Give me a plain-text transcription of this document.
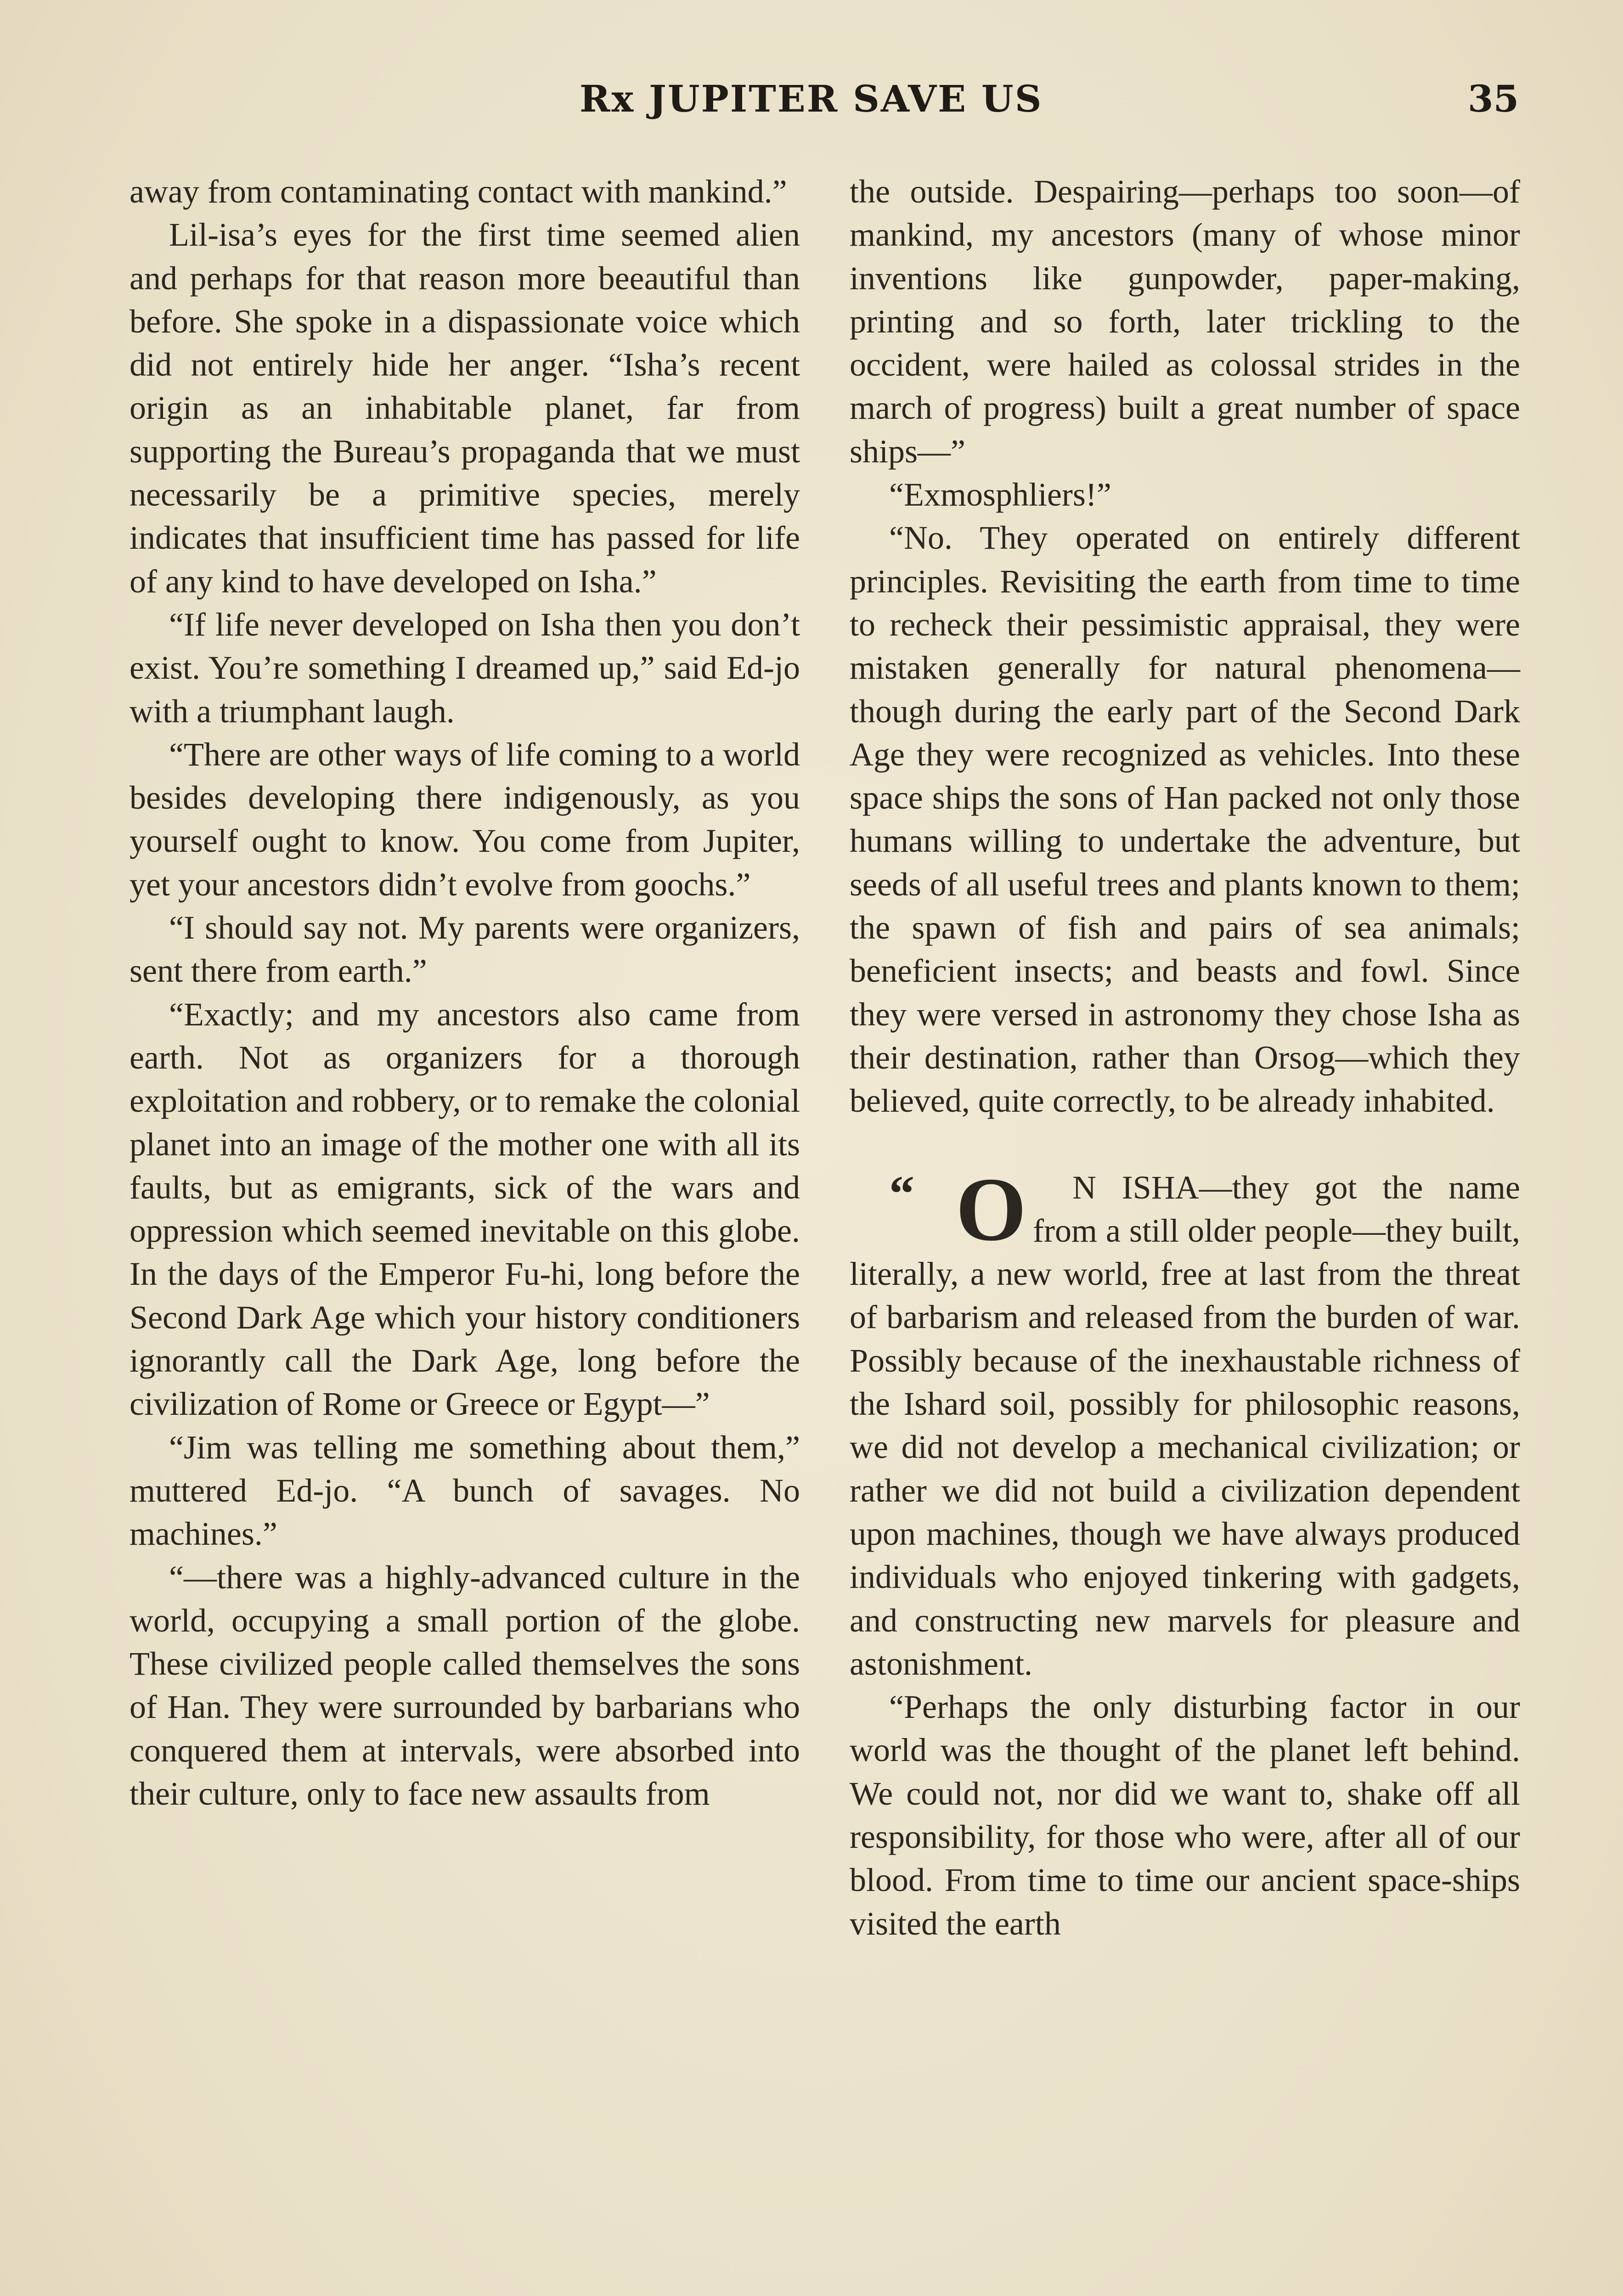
Rx JUPITER SAVE US	35

away from contaminating contact with mankind.”

Lil-isa’s eyes for the first time seemed alien and perhaps for that reason more beeautiful than before. She spoke in a dispassionate voice which did not entirely hide her anger. “Isha’s recent origin as an inhabitable planet, far from supporting the Bureau’s propaganda that we must necessarily be a primitive species, merely indicates that insufficient time has passed for life of any kind to have developed on Isha.”

“If life never developed on Isha then you don’t exist. You’re something I dreamed up,” said Ed-jo with a triumphant laugh.

“There are other ways of life coming to a world besides developing there indigenously, as you yourself ought to know. You come from Jupiter, yet your ancestors didn’t evolve from goochs.”

“I should say not. My parents were organizers, sent there from earth.”

“Exactly; and my ancestors also came from earth. Not as organizers for a thorough exploitation and robbery, or to remake the colonial planet into an image of the mother one with all its faults, but as emigrants, sick of the wars and oppression which seemed inevitable on this globe. In the days of the Emperor Fu-hi, long before the Second Dark Age which your history conditioners ignorantly call the Dark Age, long before the civilization of Rome or Greece or Egypt—”

“Jim was telling me something about them,” muttered Ed-jo. “A bunch of savages. No machines.”

“—there was a highly-advanced culture in the world, occupying a small portion of the globe. These civilized people called themselves the sons of Han. They were surrounded by barbarians who conquered them at intervals, were absorbed into their culture, only to face new assaults from

the outside. Despairing—perhaps too soon—of mankind, my ancestors (many of whose minor inventions like gunpowder, paper-making, printing and so forth, later trickling to the occident, were hailed as colossal strides in the march of progress) built a great number of space ships—”

“Exmosphliers!”

“No. They operated on entirely different principles. Revisiting the earth from time to time to recheck their pessimistic appraisal, they were mistaken generally for natural phenomena—though during the early part of the Second Dark Age they were recognized as vehicles. Into these space ships the sons of Han packed not only those humans willing to undertake the adventure, but seeds of all useful trees and plants known to them; the spawn of fish and pairs of sea animals; beneficient insects; and beasts and fowl. Since they were versed in astronomy they chose Isha as their destination, rather than Orsog—which they believed, quite correctly, to be already inhabited.

“ O N ISHA—they got the name from a still older people—they built, literally, a new world, free at last from the threat of barbarism and released from the burden of war. Possibly because of the inexhaustable richness of the Ishard soil, possibly for philosophic reasons, we did not develop a mechanical civilization; or rather we did not build a civilization dependent upon machines, though we have always produced individuals who enjoyed tinkering with gadgets, and constructing new marvels for pleasure and astonishment.

“Perhaps the only disturbing factor in our world was the thought of the planet left behind. We could not, nor did we want to, shake off all responsibility, for those who were, after all of our blood. From time to time our ancient space-ships visited the earth
